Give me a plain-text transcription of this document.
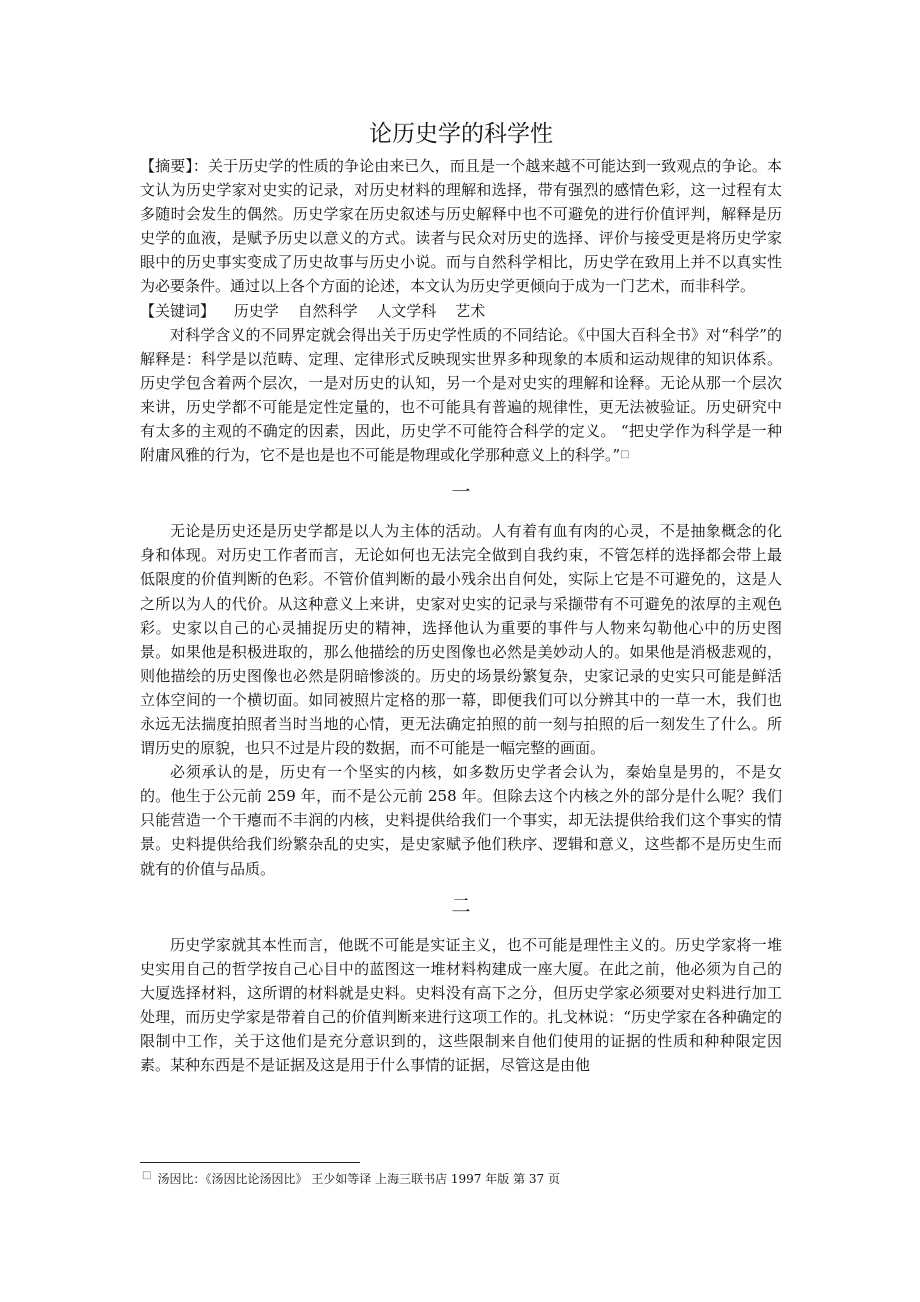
论历史学的科学性

【摘要】：关于历史学的性质的争论由来已久，而且是一个越来越不可能达到一致观点的争论。本文认为历史学家对史实的记录，对历史材料的理解和选择，带有强烈的感情色彩，这一过程有太多随时会发生的偶然。历史学家在历史叙述与历史解释中也不可避免的进行价值评判，解释是历史学的血液，是赋予历史以意义的方式。读者与民众对历史的选择、评价与接受更是将历史学家眼中的历史事实变成了历史故事与历史小说。而与自然科学相比，历史学在致用上并不以真实性为必要条件。通过以上各个方面的论述，本文认为历史学更倾向于成为一门艺术，而非科学。

【关键词】 历史学 自然科学 人文学科 艺术

对科学含义的不同界定就会得出关于历史学性质的不同结论。《中国大百科全书》对“科学”的解释是：科学是以范畴、定理、定律形式反映现实世界多种现象的本质和运动规律的知识体系。历史学包含着两个层次，一是对历史的认知，另一个是对史实的理解和诠释。无论从那一个层次来讲，历史学都不可能是定性定量的，也不可能具有普遍的规律性，更无法被验证。历史研究中有太多的主观的不确定的因素，因此，历史学不可能符合科学的定义。 “把史学作为科学是一种附庸风雅的行为，它不是也是也不可能是物理或化学那种意义上的科学。”□

一

无论是历史还是历史学都是以人为主体的活动。人有着有血有肉的心灵，不是抽象概念的化身和体现。对历史工作者而言，无论如何也无法完全做到自我约束，不管怎样的选择都会带上最低限度的价值判断的色彩。不管价值判断的最小残余出自何处，实际上它是不可避免的，这是人之所以为人的代价。从这种意义上来讲，史家对史实的记录与采撷带有不可避免的浓厚的主观色彩。史家以自己的心灵捕捉历史的精神，选择他认为重要的事件与人物来勾勒他心中的历史图景。如果他是积极进取的，那么他描绘的历史图像也必然是美妙动人的。如果他是消极悲观的，则他描绘的历史图像也必然是阴暗惨淡的。历史的场景纷繁复杂，史家记录的史实只可能是鲜活立体空间的一个横切面。如同被照片定格的那一幕，即便我们可以分辨其中的一草一木，我们也永远无法揣度拍照者当时当地的心情，更无法确定拍照的前一刻与拍照的后一刻发生了什么。所谓历史的原貌，也只不过是片段的数据，而不可能是一幅完整的画面。

必须承认的是，历史有一个坚实的内核，如多数历史学者会认为，秦始皇是男的，不是女的。他生于公元前 259 年，而不是公元前 258 年。但除去这个内核之外的部分是什么呢？我们只能营造一个干瘪而不丰润的内核，史料提供给我们一个事实，却无法提供给我们这个事实的情景。史料提供给我们纷繁杂乱的史实，是史家赋予他们秩序、逻辑和意义，这些都不是历史生而就有的价值与品质。

二

历史学家就其本性而言，他既不可能是实证主义，也不可能是理性主义的。历史学家将一堆史实用自己的哲学按自己心目中的蓝图这一堆材料构建成一座大厦。在此之前，他必须为自己的大厦选择材料，这所谓的材料就是史料。史料没有高下之分，但历史学家必须要对史料进行加工处理，而历史学家是带着自己的价值判断来进行这项工作的。扎戈林说：“历史学家在各种确定的限制中工作，关于这他们是充分意识到的，这些限制来自他们使用的证据的性质和种种限定因素。某种东西是不是证据及这是用于什么事情的证据，尽管这是由他

□ 汤因比：《汤因比论汤因比》 王少如等译 上海三联书店 1997 年版 第 37 页
